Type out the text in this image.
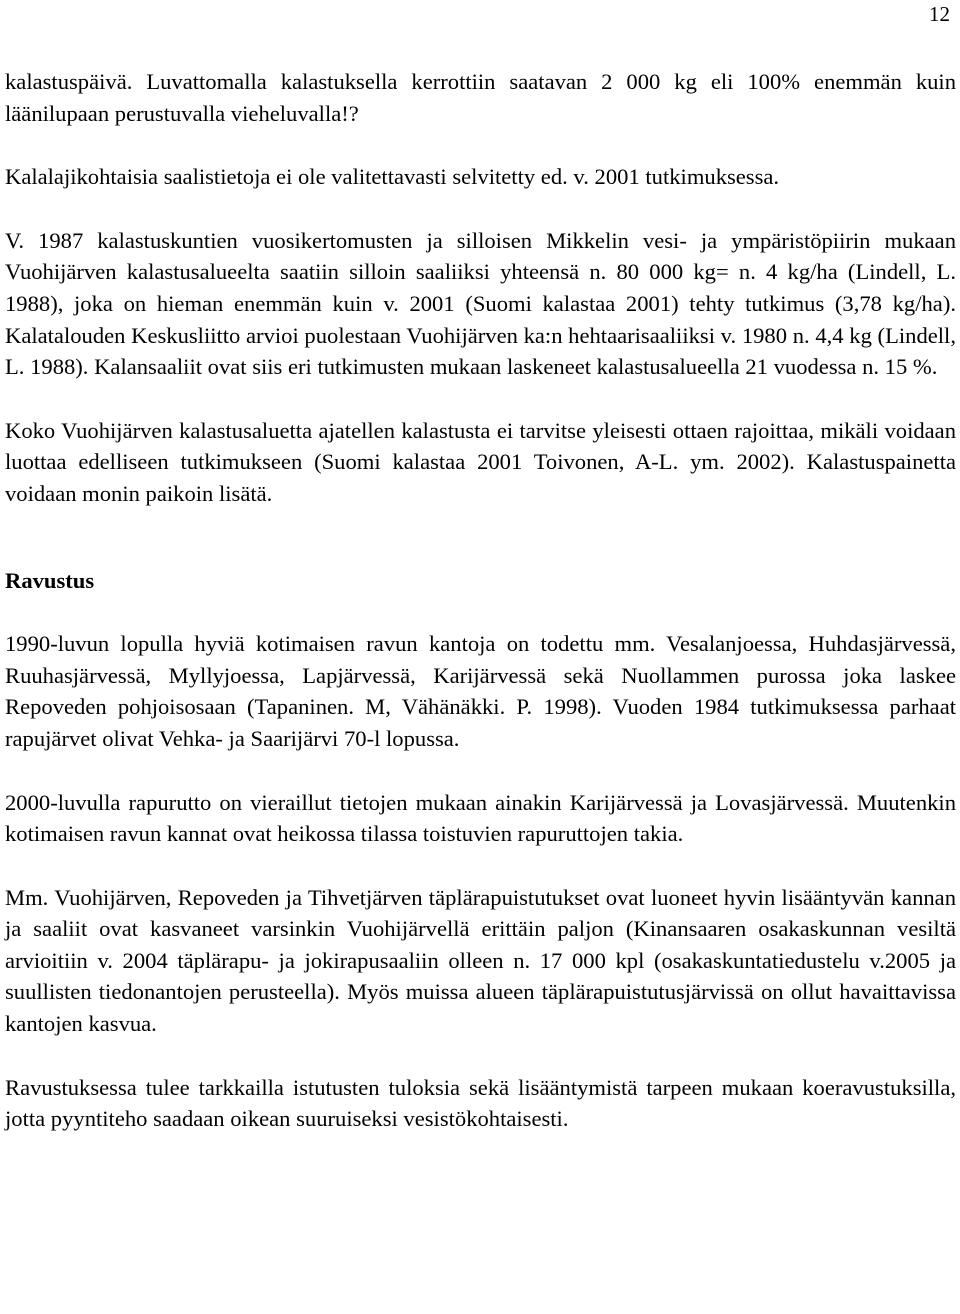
12

kalastuspäivä. Luvattomalla kalastuksella kerrottiin saatavan 2 000 kg eli 100% enemmän kuin läänilupaan perustuvalla vieheluvalla!?

Kalalajikohtaisia saalistietoja ei ole valitettavasti selvitetty ed. v. 2001 tutkimuksessa.

V. 1987 kalastuskuntien vuosikertomusten ja silloisen Mikkelin vesi- ja ympäristöpiirin mukaan Vuohijärven kalastusalueelta saatiin silloin saaliiksi yhteensä n. 80 000 kg= n. 4 kg/ha (Lindell, L. 1988), joka on hieman enemmän kuin v. 2001 (Suomi kalastaa 2001) tehty tutkimus (3,78 kg/ha). Kalatalouden Keskusliitto arvioi puolestaan Vuohijärven ka:n hehtaarisaaliiksi v. 1980 n. 4,4 kg (Lindell, L. 1988). Kalansaaliit ovat siis eri tutkimusten mukaan laskeneet kalastusalueella 21 vuodessa n. 15 %.

Koko Vuohijärven kalastusaluetta ajatellen kalastusta ei tarvitse yleisesti ottaen rajoittaa, mikäli voidaan luottaa edelliseen tutkimukseen (Suomi kalastaa 2001 Toivonen, A-L. ym. 2002). Kalastuspainetta voidaan monin paikoin lisätä.

Ravustus

1990-luvun lopulla hyviä kotimaisen ravun kantoja on todettu mm. Vesalanjoessa, Huhdasjärvessä, Ruuhasjärvessä, Myllyjoessa, Lapjärvessä, Karijärvessä sekä Nuollammen purossa joka laskee Repoveden pohjoisosaan (Tapaninen. M, Vähänäkki. P. 1998). Vuoden 1984 tutkimuksessa parhaat rapujärvet olivat Vehka- ja Saarijärvi 70-l lopussa.

2000-luvulla rapurutto on vieraillut tietojen mukaan ainakin Karijärvessä ja Lovasjärvessä. Muutenkin kotimaisen ravun kannat ovat heikossa tilassa toistuvien rapuruttojen takia.

Mm. Vuohijärven, Repoveden ja Tihvetjärven täplärapuistutukset ovat luoneet hyvin lisääntyvän kannan ja saaliit ovat kasvaneet varsinkin Vuohijärvellä erittäin paljon (Kinansaaren osakaskunnan vesiltä arvioitiin v. 2004 täplärapu- ja jokirapusaaliin olleen n. 17 000 kpl (osakaskuntatiedustelu v.2005 ja suullisten tiedonantojen perusteella). Myös muissa alueen täplärapuistutusjärvissä on ollut havaittavissa kantojen kasvua.

Ravustuksessa tulee tarkkailla istutusten tuloksia sekä lisääntymistä tarpeen mukaan koeravustuksilla, jotta pyyntiteho saadaan oikean suuruiseksi vesistökohtaisesti.
